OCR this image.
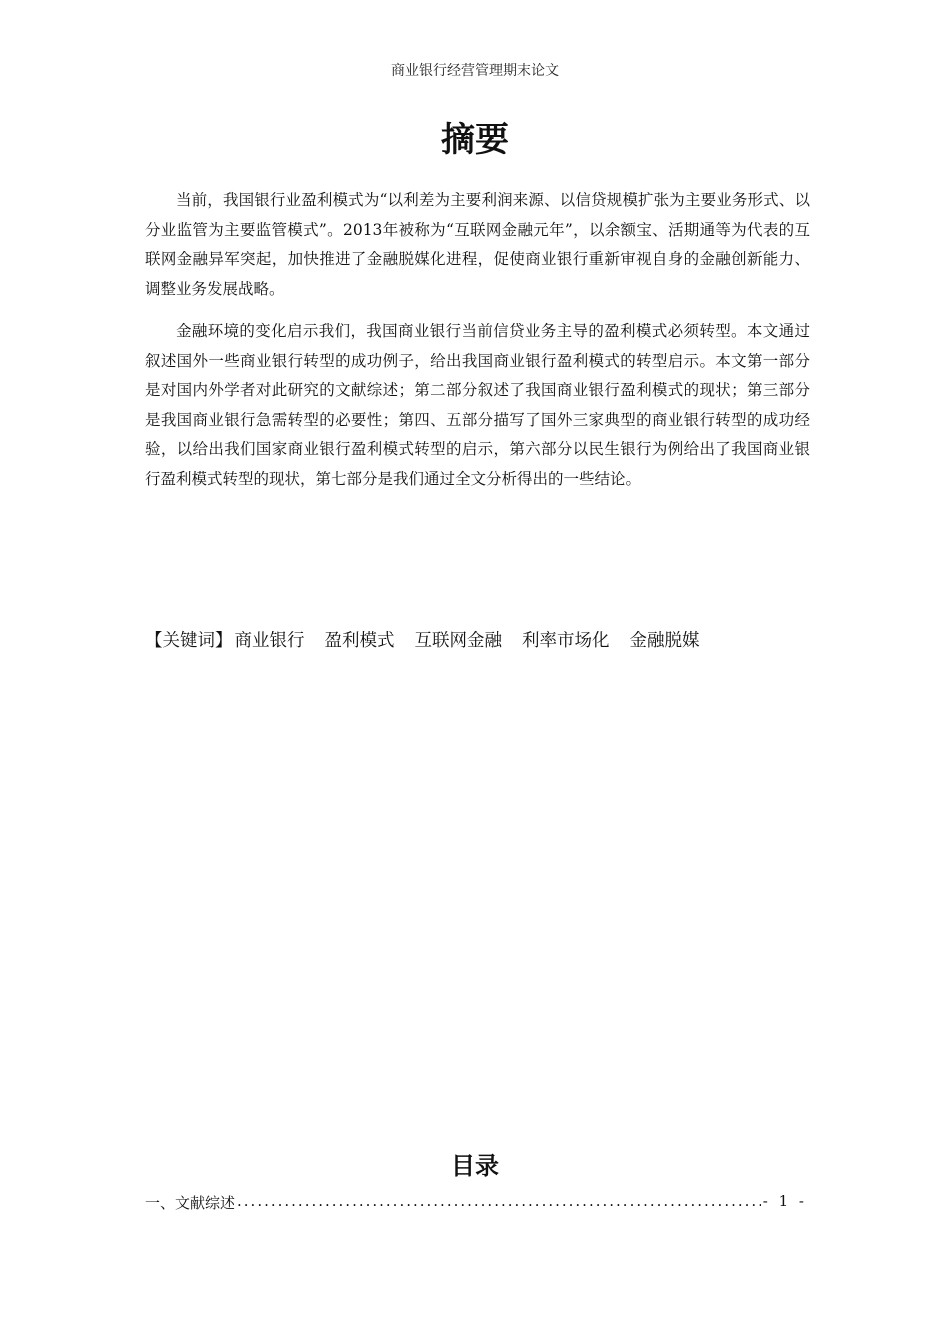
商业银行经营管理期末论文
摘要

当前，我国银行业盈利模式为“以利差为主要利润来源、以信贷规模扩张为主要业务形式、以分业监管为主要监管模式”。2013年被称为“互联网金融元年”，以余额宝、活期通等为代表的互联网金融异军突起，加快推进了金融脱媒化进程，促使商业银行重新审视自身的金融创新能力、调整业务发展战略。

金融环境的变化启示我们，我国商业银行当前信贷业务主导的盈利模式必须转型。本文通过叙述国外一些商业银行转型的成功例子，给出我国商业银行盈利模式的转型启示。本文第一部分是对国内外学者对此研究的文献综述；第二部分叙述了我国商业银行盈利模式的现状；第三部分是我国商业银行急需转型的必要性；第四、五部分描写了国外三家典型的商业银行转型的成功经验，以给出我们国家商业银行盈利模式转型的启示，第六部分以民生银行为例给出了我国商业银行盈利模式转型的现状，第七部分是我们通过全文分析得出的一些结论。

【关键词】 商业银行 盈利模式 互联网金融 利率市场化 金融脱媒
目录
一、文献综述
.....	- 1 -
